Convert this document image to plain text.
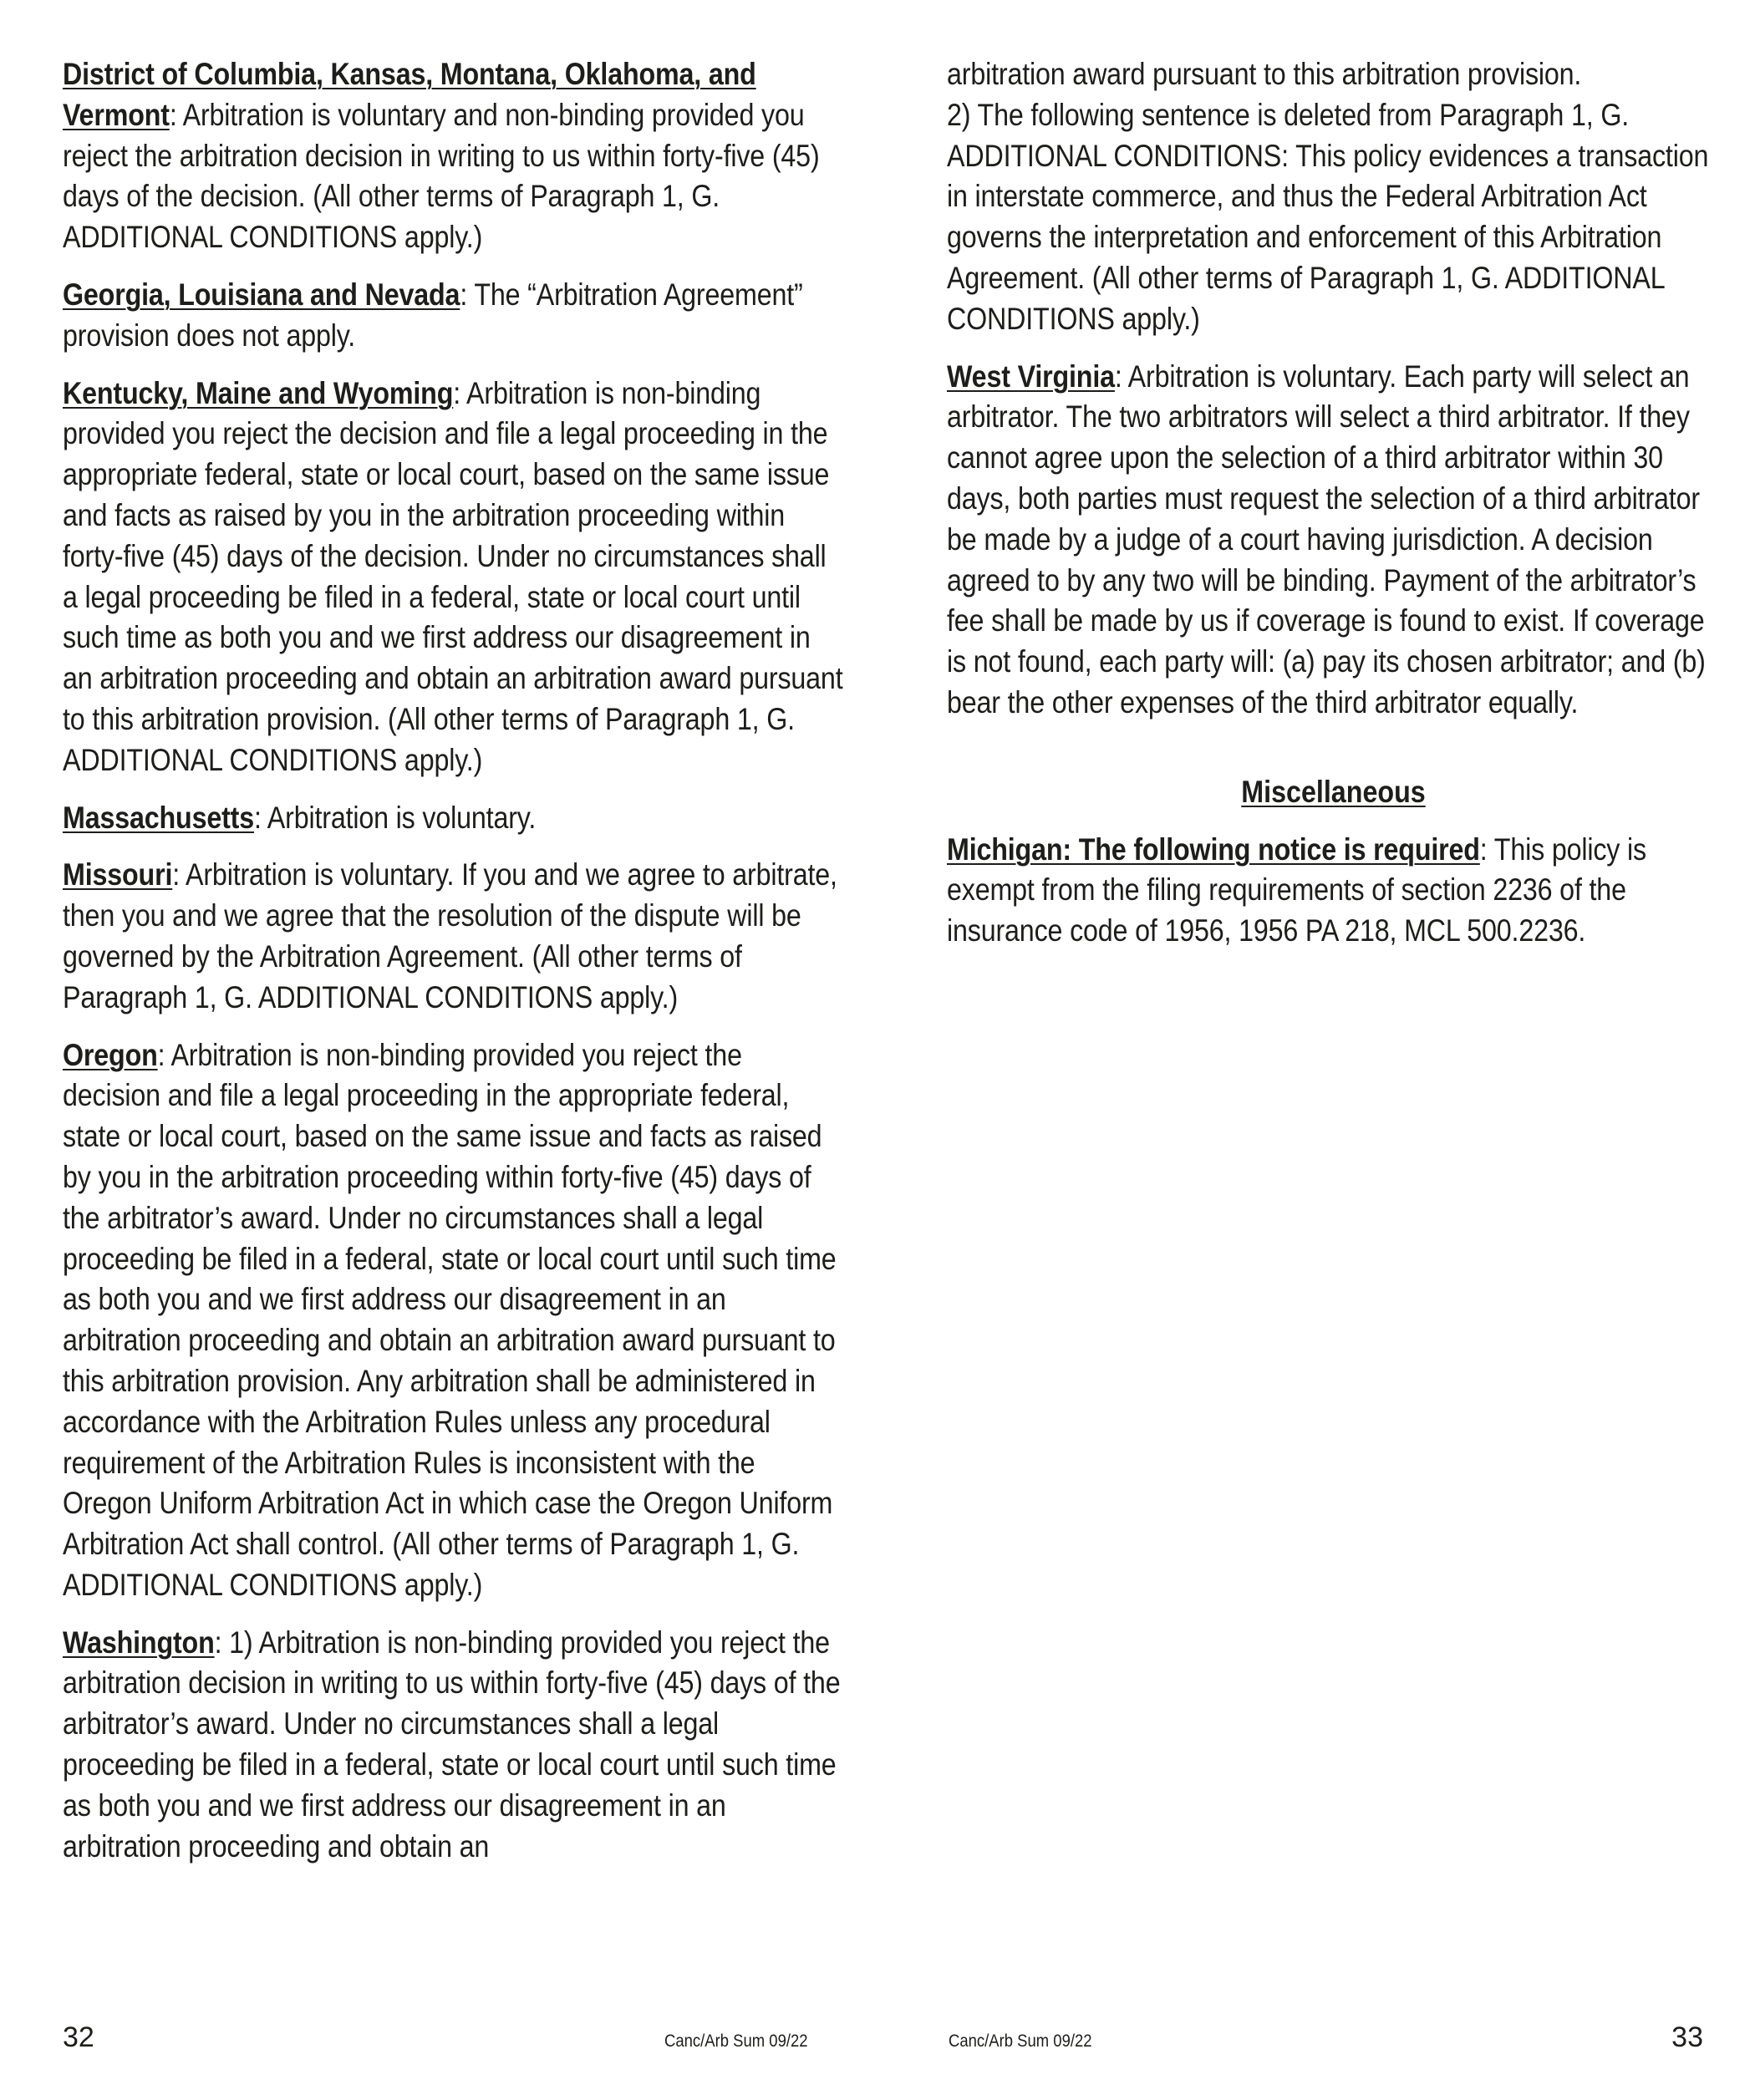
District of Columbia, Kansas, Montana, Oklahoma, and Vermont: Arbitration is voluntary and non-binding provided you reject the arbitration decision in writing to us within forty-five (45) days of the decision. (All other terms of Paragraph 1, G. ADDITIONAL CONDITIONS apply.)

Georgia, Louisiana and Nevada: The “Arbitration Agreement” provision does not apply.

Kentucky, Maine and Wyoming: Arbitration is non-binding provided you reject the decision and file a legal proceeding in the appropriate federal, state or local court, based on the same issue and facts as raised by you in the arbitration proceeding within forty-five (45) days of the decision. Under no circumstances shall a legal proceeding be filed in a federal, state or local court until such time as both you and we first address our disagreement in an arbitration proceeding and obtain an arbitration award pursuant to this arbitration provision. (All other terms of Paragraph 1, G. ADDITIONAL CONDITIONS apply.)

Massachusetts: Arbitration is voluntary.

Missouri: Arbitration is voluntary. If you and we agree to arbitrate, then you and we agree that the resolution of the dispute will be governed by the Arbitration Agreement. (All other terms of Paragraph 1, G. ADDITIONAL CONDITIONS apply.)

Oregon: Arbitration is non-binding provided you reject the decision and file a legal proceeding in the appropriate federal, state or local court, based on the same issue and facts as raised by you in the arbitration proceeding within forty-five (45) days of the arbitrator’s award. Under no circumstances shall a legal proceeding be filed in a federal, state or local court until such time as both you and we first address our disagreement in an arbitration proceeding and obtain an arbitration award pursuant to this arbitration provision. Any arbitration shall be administered in accordance with the Arbitration Rules unless any procedural requirement of the Arbitration Rules is inconsistent with the Oregon Uniform Arbitration Act in which case the Oregon Uniform Arbitration Act shall control. (All other terms of Paragraph 1, G. ADDITIONAL CONDITIONS apply.)

Washington: 1) Arbitration is non-binding provided you reject the arbitration decision in writing to us within forty-five (45) days of the arbitrator’s award. Under no circumstances shall a legal proceeding be filed in a federal, state or local court until such time as both you and we first address our disagreement in an arbitration proceeding and obtain an

arbitration award pursuant to this arbitration provision.

2) The following sentence is deleted from Paragraph 1, G. ADDITIONAL CONDITIONS: This policy evidences a transaction in interstate commerce, and thus the Federal Arbitration Act governs the interpretation and enforcement of this Arbitration Agreement. (All other terms of Paragraph 1, G. ADDITIONAL CONDITIONS apply.)

West Virginia: Arbitration is voluntary. Each party will select an arbitrator. The two arbitrators will select a third arbitrator. If they cannot agree upon the selection of a third arbitrator within 30 days, both parties must request the selection of a third arbitrator be made by a judge of a court having jurisdiction. A decision agreed to by any two will be binding. Payment of the arbitrator’s fee shall be made by us if coverage is found to exist. If coverage is not found, each party will: (a) pay its chosen arbitrator; and (b) bear the other expenses of the third arbitrator equally.

Miscellaneous

Michigan: The following notice is required: This policy is exempt from the filing requirements of section 2236 of the insurance code of 1956, 1956 PA 218, MCL 500.2236.

32	Canc/Arb Sum 09/22	Canc/Arb Sum 09/22	33
